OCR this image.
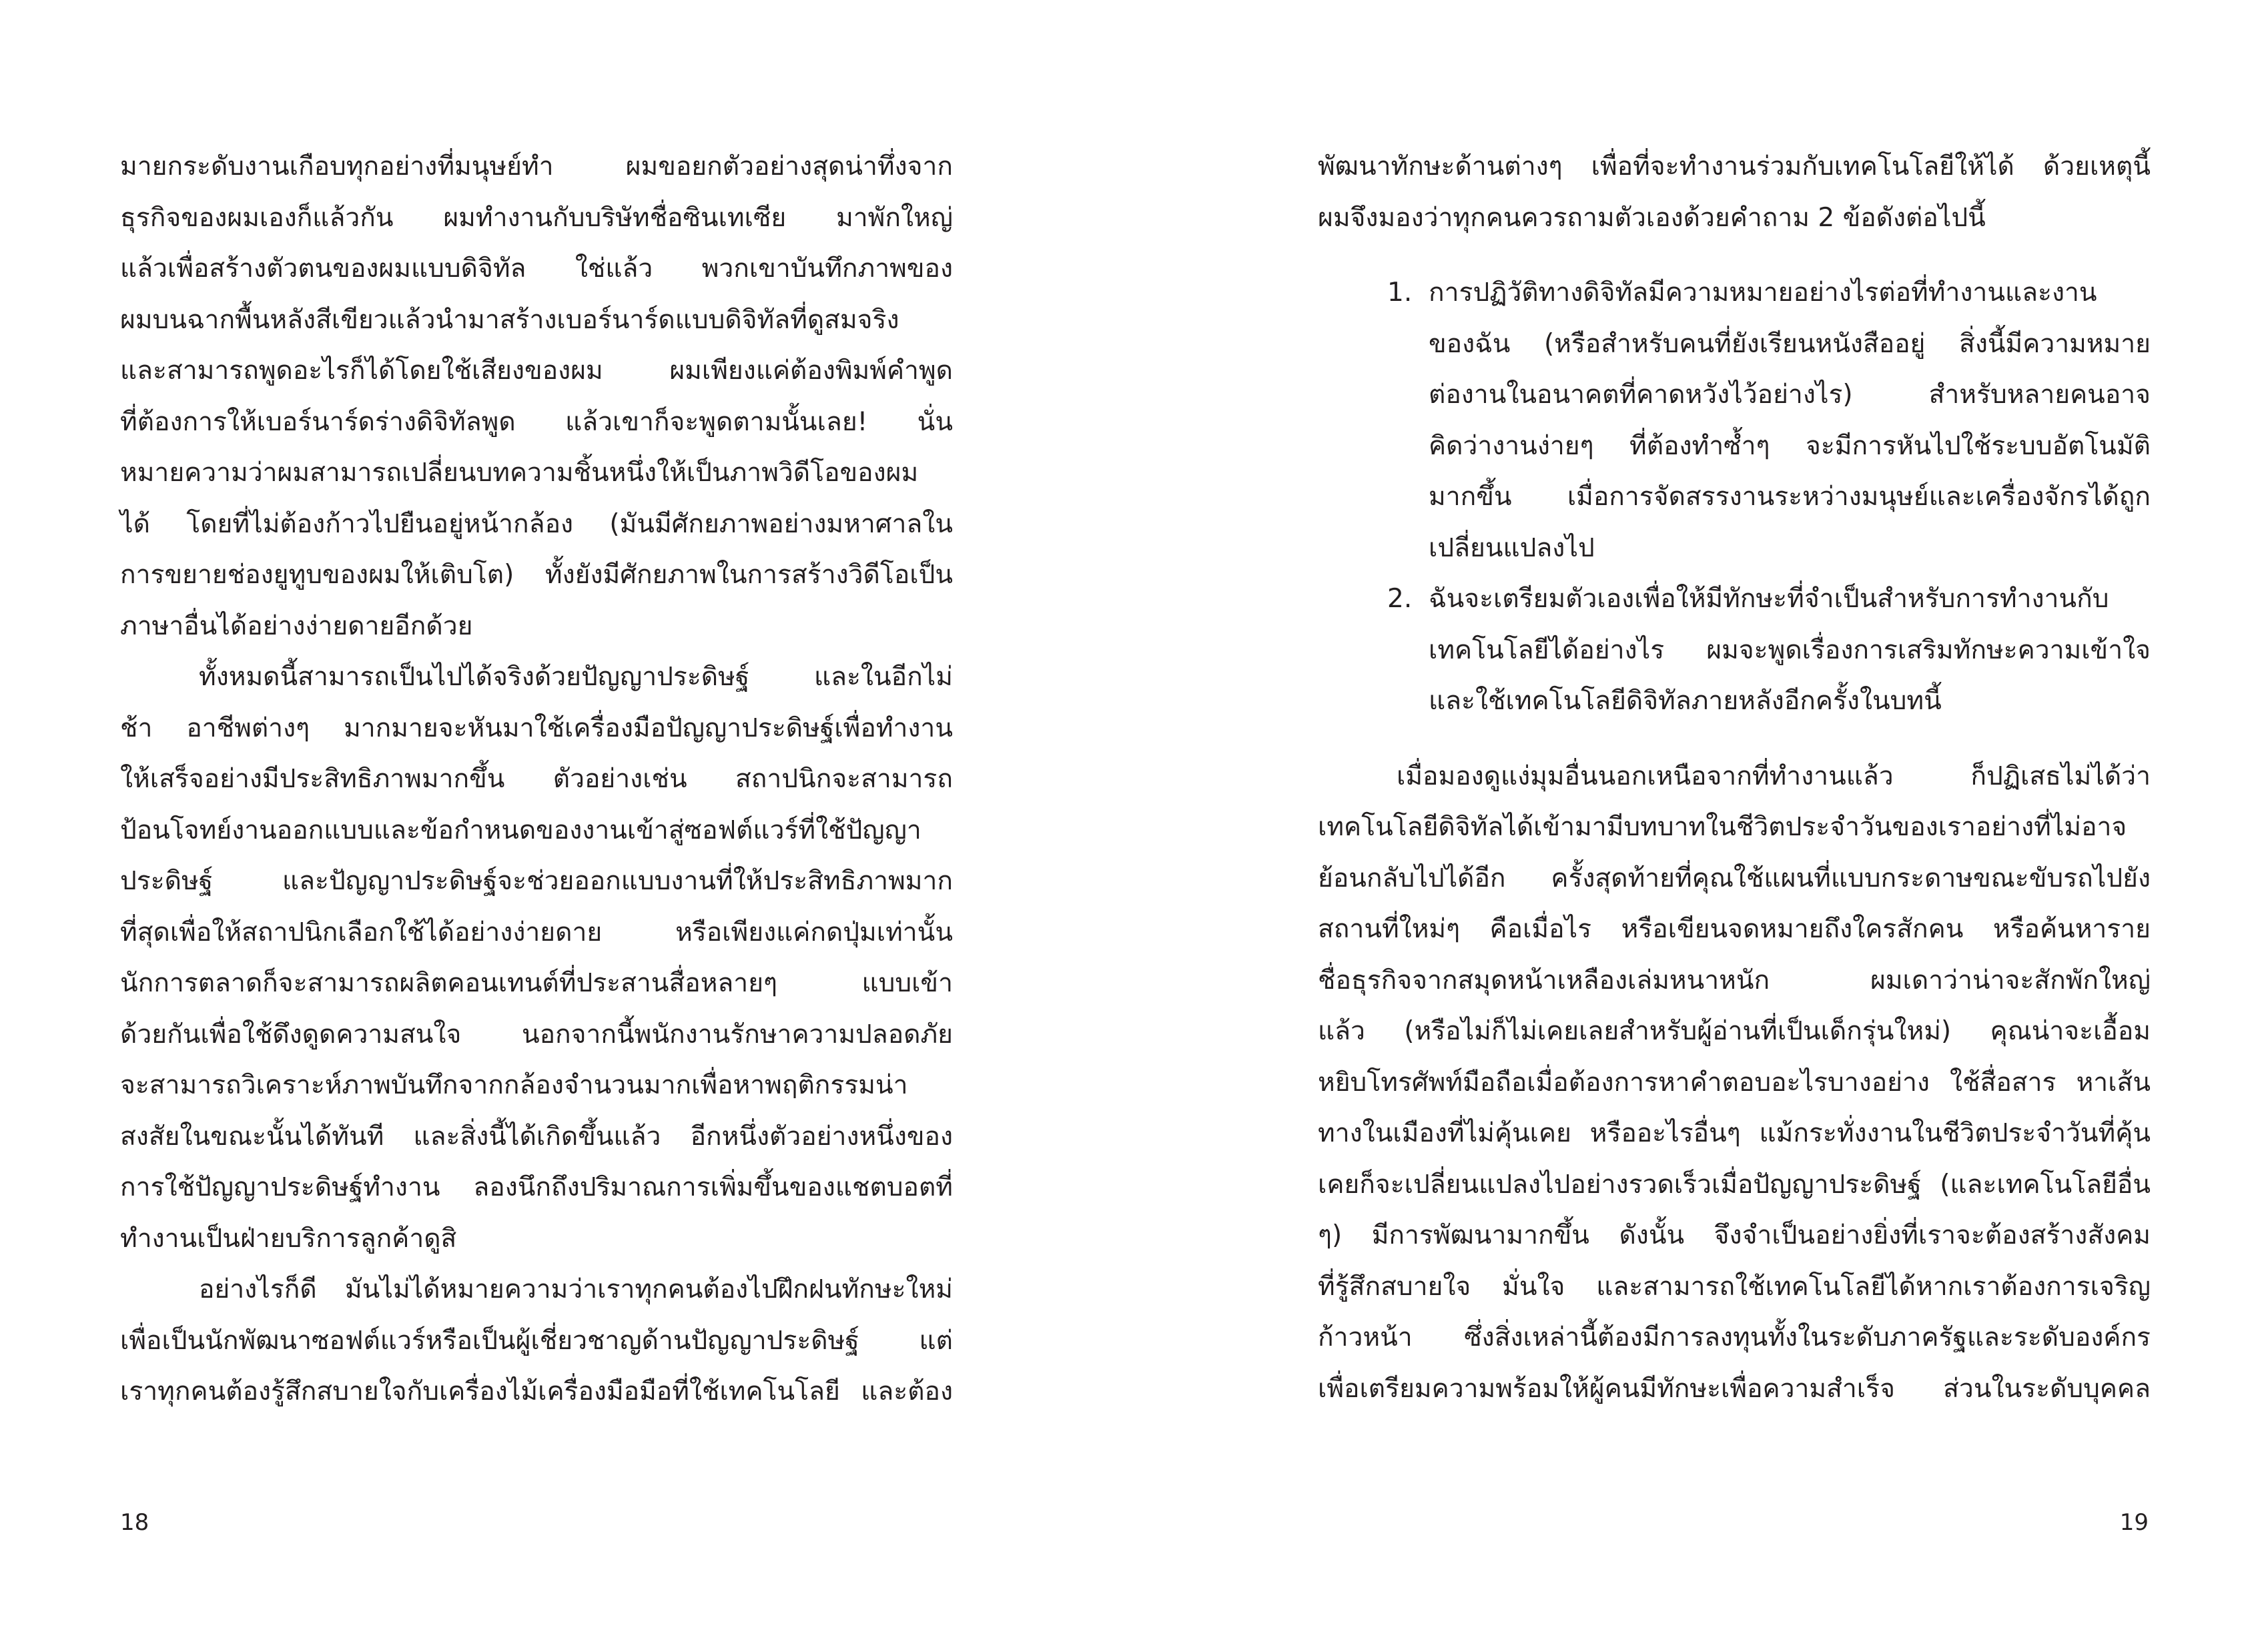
มายกระดับงานเกือบทุกอย่างที่มนุษย์ทำ ผมขอยกตัวอย่างสุดน่าทึ่งจาก
ธุรกิจของผมเองก็แล้วกัน ผมทำงานกับบริษัทชื่อซินเทเซีย มาพักใหญ่
แล้วเพื่อสร้างตัวตนของผมแบบดิจิทัล ใช่แล้ว พวกเขาบันทึกภาพของ
ผมบนฉากพื้นหลังสีเขียวแล้วนำมาสร้างเบอร์นาร์ดแบบดิจิทัลที่ดูสมจริง
และสามารถพูดอะไรก็ได้โดยใช้เสียงของผม ผมเพียงแค่ต้องพิมพ์คำพูด
ที่ต้องการให้เบอร์นาร์ดร่างดิจิทัลพูด แล้วเขาก็จะพูดตามนั้นเลย! นั่น
หมายความว่าผมสามารถเปลี่ยนบทความชิ้นหนึ่งให้เป็นภาพวิดีโอของผม
ได้ โดยที่ไม่ต้องก้าวไปยืนอยู่หน้ากล้อง (มันมีศักยภาพอย่างมหาศาลใน
การขยายช่องยูทูบของผมให้เติบโต) ทั้งยังมีศักยภาพในการสร้างวิดีโอเป็น
ภาษาอื่นได้อย่างง่ายดายอีกด้วย
ทั้งหมดนี้สามารถเป็นไปได้จริงด้วยปัญญาประดิษฐ์ และในอีกไม่
ช้า อาชีพต่างๆ มากมายจะหันมาใช้เครื่องมือปัญญาประดิษฐ์เพื่อทำงาน
ให้เสร็จอย่างมีประสิทธิภาพมากขึ้น ตัวอย่างเช่น สถาปนิกจะสามารถ
ป้อนโจทย์งานออกแบบและข้อกำหนดของงานเข้าสู่ซอฟต์แวร์ที่ใช้ปัญญา
ประดิษฐ์ และปัญญาประดิษฐ์จะช่วยออกแบบงานที่ให้ประสิทธิภาพมาก
ที่สุดเพื่อให้สถาปนิกเลือกใช้ได้อย่างง่ายดาย หรือเพียงแค่กดปุ่มเท่านั้น
นักการตลาดก็จะสามารถผลิตคอนเทนต์ที่ประสานสื่อหลายๆ แบบเข้า
ด้วยกันเพื่อใช้ดึงดูดความสนใจ นอกจากนี้พนักงานรักษาความปลอดภัย
จะสามารถวิเคราะห์ภาพบันทึกจากกล้องจำนวนมากเพื่อหาพฤติกรรมน่า
สงสัยในขณะนั้นได้ทันที และสิ่งนี้ได้เกิดขึ้นแล้ว อีกหนึ่งตัวอย่างหนึ่งของ
การใช้ปัญญาประดิษฐ์ทำงาน ลองนึกถึงปริมาณการเพิ่มขึ้นของแชตบอตที่
ทำงานเป็นฝ่ายบริการลูกค้าดูสิ
อย่างไรก็ดี มันไม่ได้หมายความว่าเราทุกคนต้องไปฝึกฝนทักษะใหม่
เพื่อเป็นนักพัฒนาซอฟต์แวร์หรือเป็นผู้เชี่ยวชาญด้านปัญญาประดิษฐ์ แต่
เราทุกคนต้องรู้สึกสบายใจกับเครื่องไม้เครื่องมือมือที่ใช้เทคโนโลยี และต้อง
18
พัฒนาทักษะด้านต่างๆ เพื่อที่จะทำงานร่วมกับเทคโนโลยีให้ได้ ด้วยเหตุนี้
ผมจึงมองว่าทุกคนควรถามตัวเองด้วยคำถาม 2 ข้อดังต่อไปนี้
1. การปฏิวัติทางดิจิทัลมีความหมายอย่างไรต่อที่ทำงานและงาน
ของฉัน (หรือสำหรับคนที่ยังเรียนหนังสืออยู่ สิ่งนี้มีความหมาย
ต่องานในอนาคตที่คาดหวังไว้อย่างไร) สำหรับหลายคนอาจ
คิดว่างานง่ายๆ ที่ต้องทำซ้ำๆ จะมีการหันไปใช้ระบบอัตโนมัติ
มากขึ้น เมื่อการจัดสรรงานระหว่างมนุษย์และเครื่องจักรได้ถูก
เปลี่ยนแปลงไป
2. ฉันจะเตรียมตัวเองเพื่อให้มีทักษะที่จำเป็นสำหรับการทำงานกับ
เทคโนโลยีได้อย่างไร ผมจะพูดเรื่องการเสริมทักษะความเข้าใจ
และใช้เทคโนโลยีดิจิทัลภายหลังอีกครั้งในบทนี้
เมื่อมองดูแง่มุมอื่นนอกเหนือจากที่ทำงานแล้ว ก็ปฏิเสธไม่ได้ว่า
เทคโนโลยีดิจิทัลได้เข้ามามีบทบาทในชีวิตประจำวันของเราอย่างที่ไม่อาจ
ย้อนกลับไปได้อีก ครั้งสุดท้ายที่คุณใช้แผนที่แบบกระดาษขณะขับรถไปยัง
สถานที่ใหม่ๆ คือเมื่อไร หรือเขียนจดหมายถึงใครสักคน หรือค้นหาราย
ชื่อธุรกิจจากสมุดหน้าเหลืองเล่มหนาหนัก ผมเดาว่าน่าจะสักพักใหญ่
แล้ว (หรือไม่ก็ไม่เคยเลยสำหรับผู้อ่านที่เป็นเด็กรุ่นใหม่) คุณน่าจะเอื้อม
หยิบโทรศัพท์มือถือเมื่อต้องการหาคำตอบอะไรบางอย่าง ใช้สื่อสาร หาเส้น
ทางในเมืองที่ไม่คุ้นเคย หรืออะไรอื่นๆ แม้กระทั่งงานในชีวิตประจำวันที่คุ้น
เคยก็จะเปลี่ยนแปลงไปอย่างรวดเร็วเมื่อปัญญาประดิษฐ์ (และเทคโนโลยีอื่น
ๆ) มีการพัฒนามากขึ้น ดังนั้น จึงจำเป็นอย่างยิ่งที่เราจะต้องสร้างสังคม
ที่รู้สึกสบายใจ มั่นใจ และสามารถใช้เทคโนโลยีได้หากเราต้องการเจริญ
ก้าวหน้า ซึ่งสิ่งเหล่านี้ต้องมีการลงทุนทั้งในระดับภาครัฐและระดับองค์กร
เพื่อเตรียมความพร้อมให้ผู้คนมีทักษะเพื่อความสำเร็จ ส่วนในระดับบุคคล
19
